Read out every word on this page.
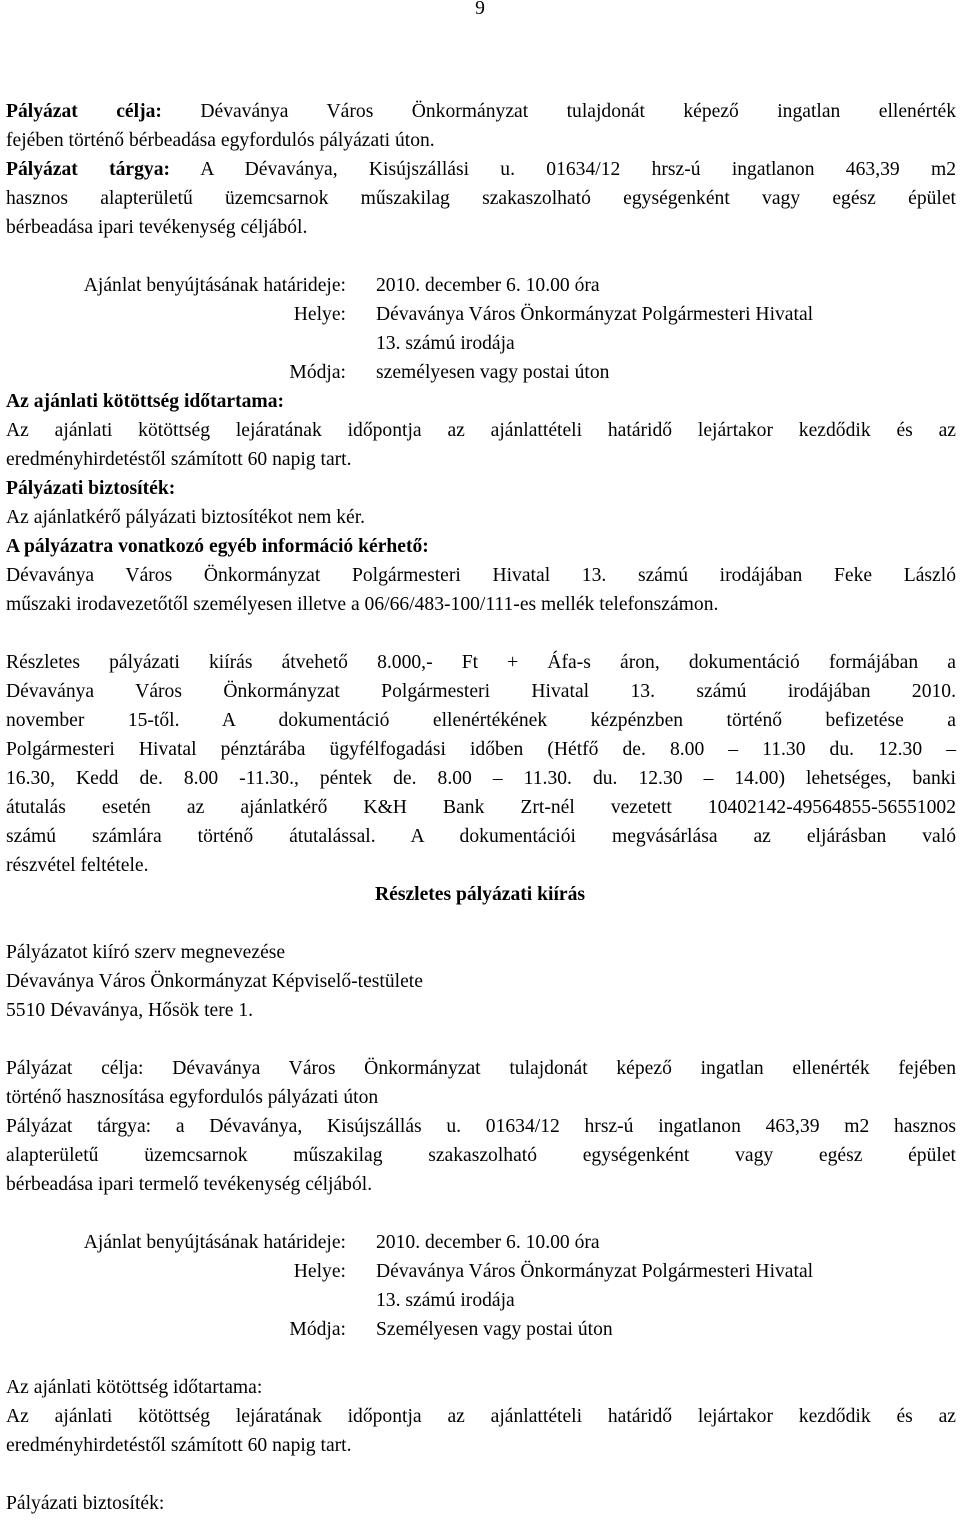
9
Pályázat célja: Dévaványa Város Önkormányzat tulajdonát képező ingatlan ellenérték
fejében történő bérbeadása egyfordulós pályázati úton.
Pályázat tárgya: A Dévaványa, Kisújszállási u. 01634/12 hrsz-ú ingatlanon 463,39 m2
hasznos alapterületű üzemcsarnok műszakilag szakaszolható egységenként vagy egész épület
bérbeadása ipari tevékenység céljából.
Ajánlat benyújtásának határideje: 2010. december 6. 10.00 óra
Helye: Dévaványa Város Önkormányzat Polgármesteri Hivatal
13. számú irodája
Módja: személyesen vagy postai úton
Az ajánlati kötöttség időtartama:
Az ajánlati kötöttség lejáratának időpontja az ajánlattételi határidő lejártakor kezdődik és az
eredményhirdetéstől számított 60 napig tart.
Pályázati biztosíték:
Az ajánlatkérő pályázati biztosítékot nem kér.
A pályázatra vonatkozó egyéb információ kérhető:
Dévaványa Város Önkormányzat Polgármesteri Hivatal 13. számú irodájában Feke László
műszaki irodavezetőtől személyesen illetve a 06/66/483-100/111-es mellék telefonszámon.
Részletes pályázati kiírás átvehető 8.000,- Ft + Áfa-s áron, dokumentáció formájában a
Dévaványa Város Önkormányzat Polgármesteri Hivatal 13. számú irodájában 2010.
november 15-től. A dokumentáció ellenértékének kézpénzben történő befizetése a
Polgármesteri Hivatal pénztárába ügyfélfogadási időben (Hétfő de. 8.00 – 11.30 du. 12.30 –
16.30, Kedd de. 8.00 -11.30., péntek de. 8.00 – 11.30. du. 12.30 – 14.00) lehetséges, banki
átutalás esetén az ajánlatkérő K&H Bank Zrt-nél vezetett 10402142-49564855-56551002
számú számlára történő átutalással. A dokumentációi megvásárlása az eljárásban való
részvétel feltétele.
Részletes pályázati kiírás
Pályázatot kiíró szerv megnevezése
Dévaványa Város Önkormányzat Képviselő-testülete
5510 Dévaványa, Hősök tere 1.
Pályázat célja: Dévaványa Város Önkormányzat tulajdonát képező ingatlan ellenérték fejében
történő hasznosítása egyfordulós pályázati úton
Pályázat tárgya: a Dévaványa, Kisújszállás u. 01634/12 hrsz-ú ingatlanon 463,39 m2 hasznos
alapterületű üzemcsarnok műszakilag szakaszolható egységenként vagy egész épület
bérbeadása ipari termelő tevékenység céljából.
Ajánlat benyújtásának határideje: 2010. december 6. 10.00 óra
Helye: Dévaványa Város Önkormányzat Polgármesteri Hivatal
13. számú irodája
Módja: Személyesen vagy postai úton
Az ajánlati kötöttség időtartama:
Az ajánlati kötöttség lejáratának időpontja az ajánlattételi határidő lejártakor kezdődik és az
eredményhirdetéstől számított 60 napig tart.
Pályázati biztosíték:
